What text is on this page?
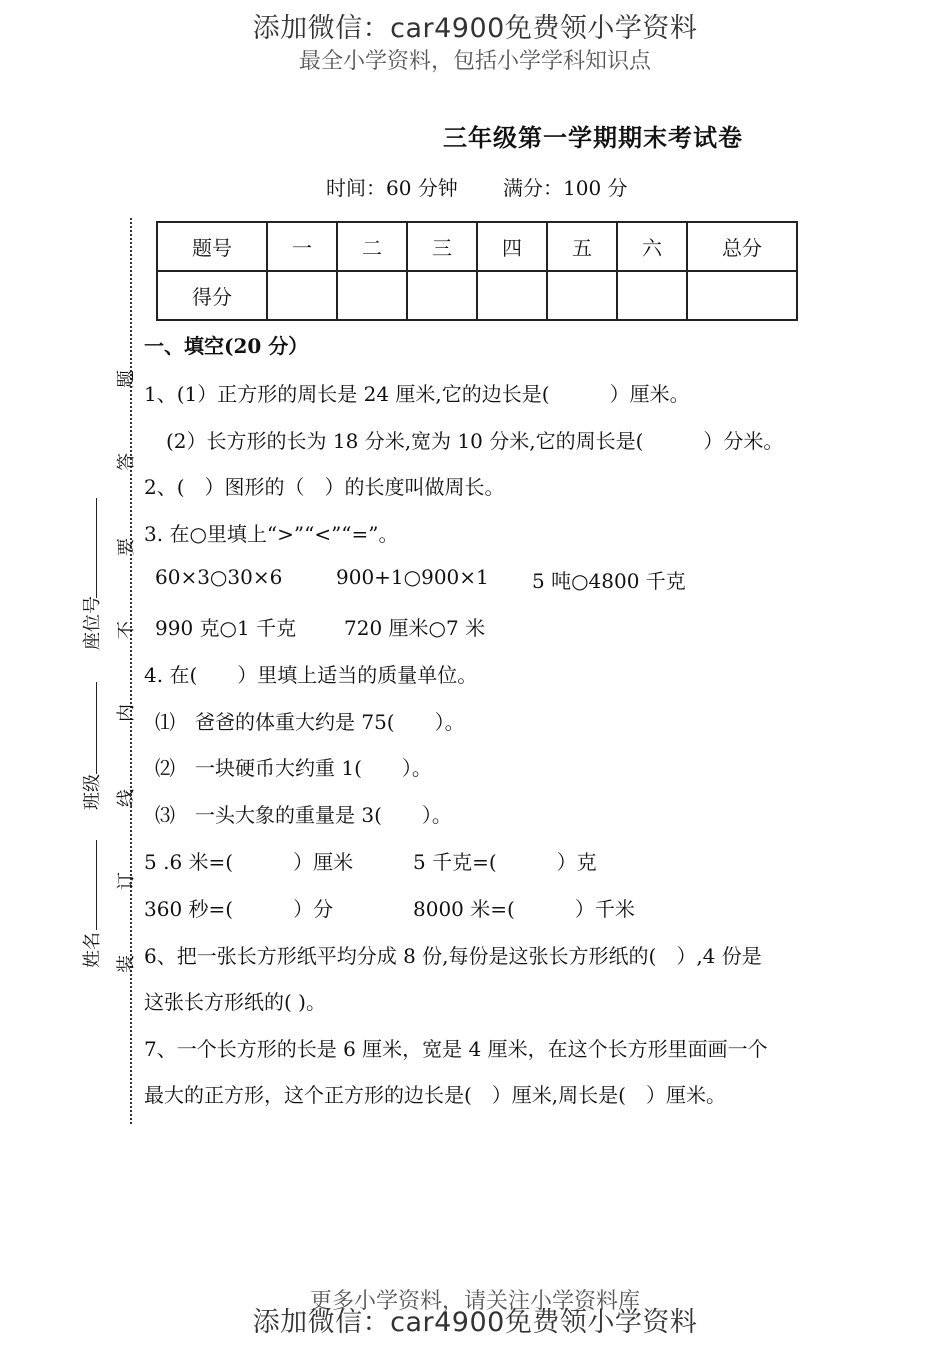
添加微信：car4900免费领小学资料
最全小学资料，包括小学学科知识点
三年级第一学期期末考试卷
时间：60 分钟 满分：100 分
题号	一	二	三	四	五	六	总分
得分							
题
答
要
不
内
线
订
装
座位号
班级
姓名
一、填空(20 分）
1、(1）正方形的周长是 24 厘米,它的边长是(　　　）厘米。
(2）长方形的长为 18 分米,宽为 10 分米,它的周长是(　　　）分米。
2、(　）图形的（　）的长度叫做周长。
3. 在○里填上“>”“<”“=”。
60×3○30×6	900+1○900×1 5 吨○4800 千克
990 克○1 千克 720 厘米○7 米
4. 在(　　）里填上适当的质量单位。
⑴　爸爸的体重大约是 75(　　）。
⑵　一块硬币大约重 1(　　）。
⑶　一头大象的重量是 3(　　）。
5 .6 米=(　　　）厘米	5 千克=(　　　）克
360 秒=(　　　）分	8000 米=(　　　）千米
6、把一张长方形纸平均分成 8 份,每份是这张长方形纸的(　）,4 份是
这张长方形纸的( )。
7、一个长方形的长是 6 厘米，宽是 4 厘米，在这个长方形里面画一个
最大的正方形，这个正方形的边长是(　）厘米,周长是(　）厘米。
更多小学资料，请关注小学资料库
添加微信：car4900免费领小学资料
